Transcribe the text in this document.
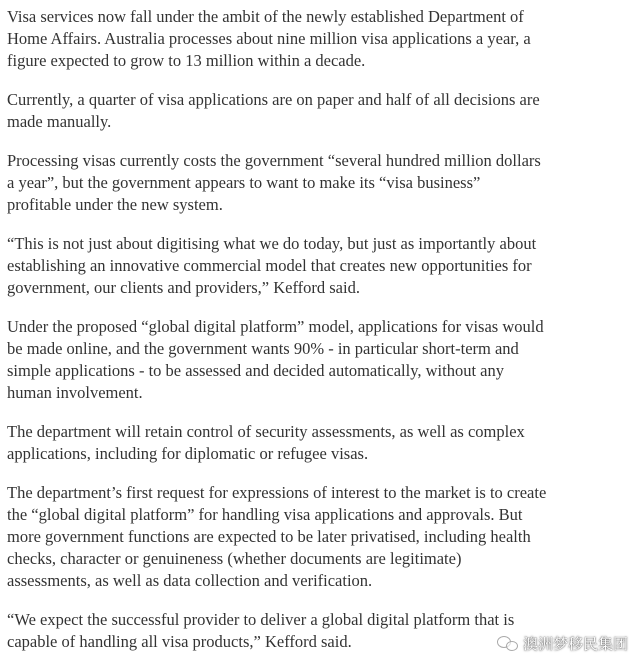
Visa services now fall under the ambit of the newly established Department of
Home Affairs. Australia processes about nine million visa applications a year, a
figure expected to grow to 13 million within a decade.

Currently, a quarter of visa applications are on paper and half of all decisions are
made manually.

Processing visas currently costs the government “several hundred million dollars
a year”, but the government appears to want to make its “visa business”
profitable under the new system.

“This is not just about digitising what we do today, but just as importantly about
establishing an innovative commercial model that creates new opportunities for
government, our clients and providers,” Kefford said.

Under the proposed “global digital platform” model, applications for visas would
be made online, and the government wants 90% - in particular short-term and
simple applications - to be assessed and decided automatically, without any
human involvement.

The department will retain control of security assessments, as well as complex
applications, including for diplomatic or refugee visas.

The department’s first request for expressions of interest to the market is to create
the “global digital platform” for handling visa applications and approvals. But
more government functions are expected to be later privatised, including health
checks, character or genuineness (whether documents are legitimate)
assessments, as well as data collection and verification.

“We expect the successful provider to deliver a global digital platform that is
capable of handling all visa products,” Kefford said.	澳洲梦移民集团
